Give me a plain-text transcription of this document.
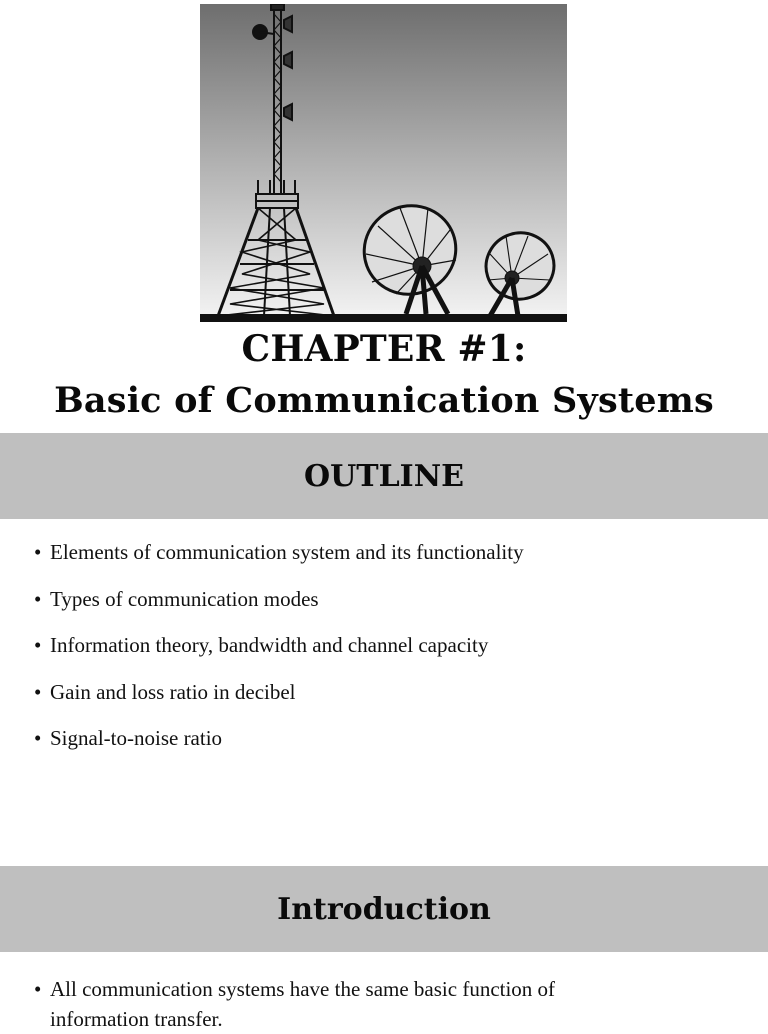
CHAPTER #1:
Basic of Communication Systems
OUTLINE
• Elements of communication system and its functionality
• Types of communication modes
• Information theory, bandwidth and channel capacity
• Gain and loss ratio in decibel
• Signal-to-noise ratio
Introduction
• All communication systems have the same basic function of information transfer.
